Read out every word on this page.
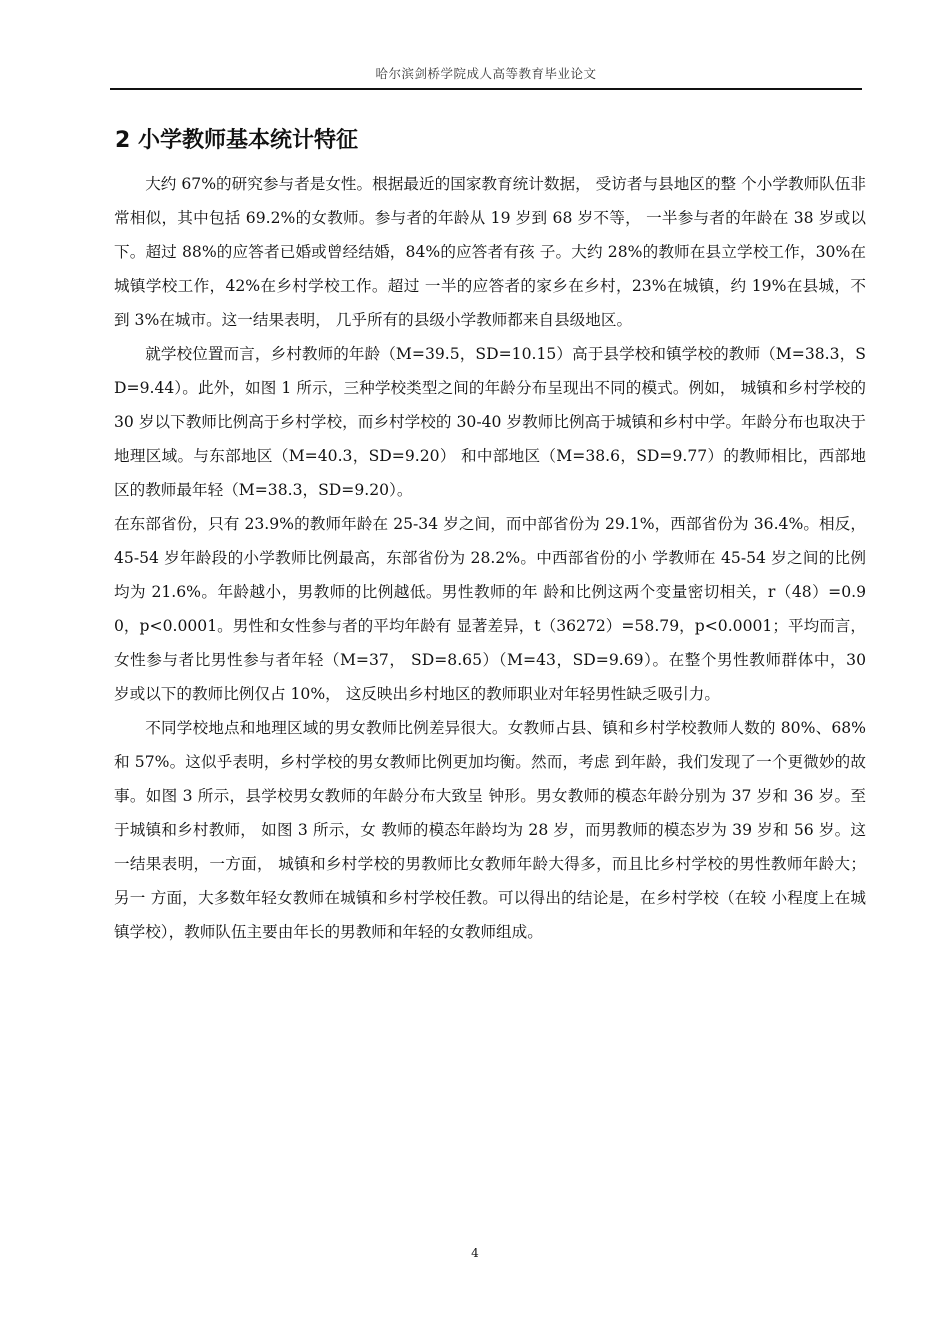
哈尔滨剑桥学院成人高等教育毕业论文
2 小学教师基本统计特征

大约 67%的研究参与者是女性。根据最近的国家教育统计数据， 受访者与县地区的整 个小学教师队伍非常相似，其中包括 69.2%的女教师。参与者的年龄从 19 岁到 68 岁不等， 一半参与者的年龄在 38 岁或以下。超过 88%的应答者已婚或曾经结婚，84%的应答者有孩 子。大约 28%的教师在县立学校工作，30%在城镇学校工作，42%在乡村学校工作。超过 一半的应答者的家乡在乡村，23%在城镇，约 19%在县城，不到 3%在城市。这一结果表明， 几乎所有的县级小学教师都来自县级地区。

就学校位置而言，乡村教师的年龄（M=39.5，SD=10.15）高于县学校和镇学校的教师（M=38.3，SD=9.44）。此外，如图 1 所示，三种学校类型之间的年龄分布呈现出不同的模式。例如， 城镇和乡村学校的 30 岁以下教师比例高于乡村学校，而乡村学校的 30-40 岁教师比例高于城镇和乡村中学。年龄分布也取决于地理区域。与东部地区（M=40.3，SD=9.20） 和中部地区（M=38.6，SD=9.77）的教师相比，西部地区的教师最年轻（M=38.3，SD=9.20）。

在东部省份，只有 23.9%的教师年龄在 25-34 岁之间，而中部省份为 29.1%，西部省份为 36.4%。相反， 45-54 岁年龄段的小学教师比例最高，东部省份为 28.2%。中西部省份的小 学教师在 45-54 岁之间的比例均为 21.6%。年龄越小，男教师的比例越低。男性教师的年 龄和比例这两个变量密切相关，r（48）=0.90，p<0.0001。男性和女性参与者的平均年龄有 显著差异，t（36272）=58.79，p<0.0001；平均而言，女性参与者比男性参与者年轻（M=37， SD=8.65）（M=43，SD=9.69）。在整个男性教师群体中，30 岁或以下的教师比例仅占 10%， 这反映出乡村地区的教师职业对年轻男性缺乏吸引力。

不同学校地点和地理区域的男女教师比例差异很大。女教师占县、镇和乡村学校教师人数的 80%、68%和 57%。这似乎表明，乡村学校的男女教师比例更加均衡。然而，考虑 到年龄，我们发现了一个更微妙的故事。如图 3 所示，县学校男女教师的年龄分布大致呈 钟形。男女教师的模态年龄分别为 37 岁和 36 岁。至于城镇和乡村教师， 如图 3 所示，女 教师的模态年龄均为 28 岁，而男教师的模态岁为 39 岁和 56 岁。这一结果表明，一方面， 城镇和乡村学校的男教师比女教师年龄大得多，而且比乡村学校的男性教师年龄大；另一 方面，大多数年轻女教师在城镇和乡村学校任教。可以得出的结论是，在乡村学校（在较 小程度上在城镇学校），教师队伍主要由年长的男教师和年轻的女教师组成。

4
